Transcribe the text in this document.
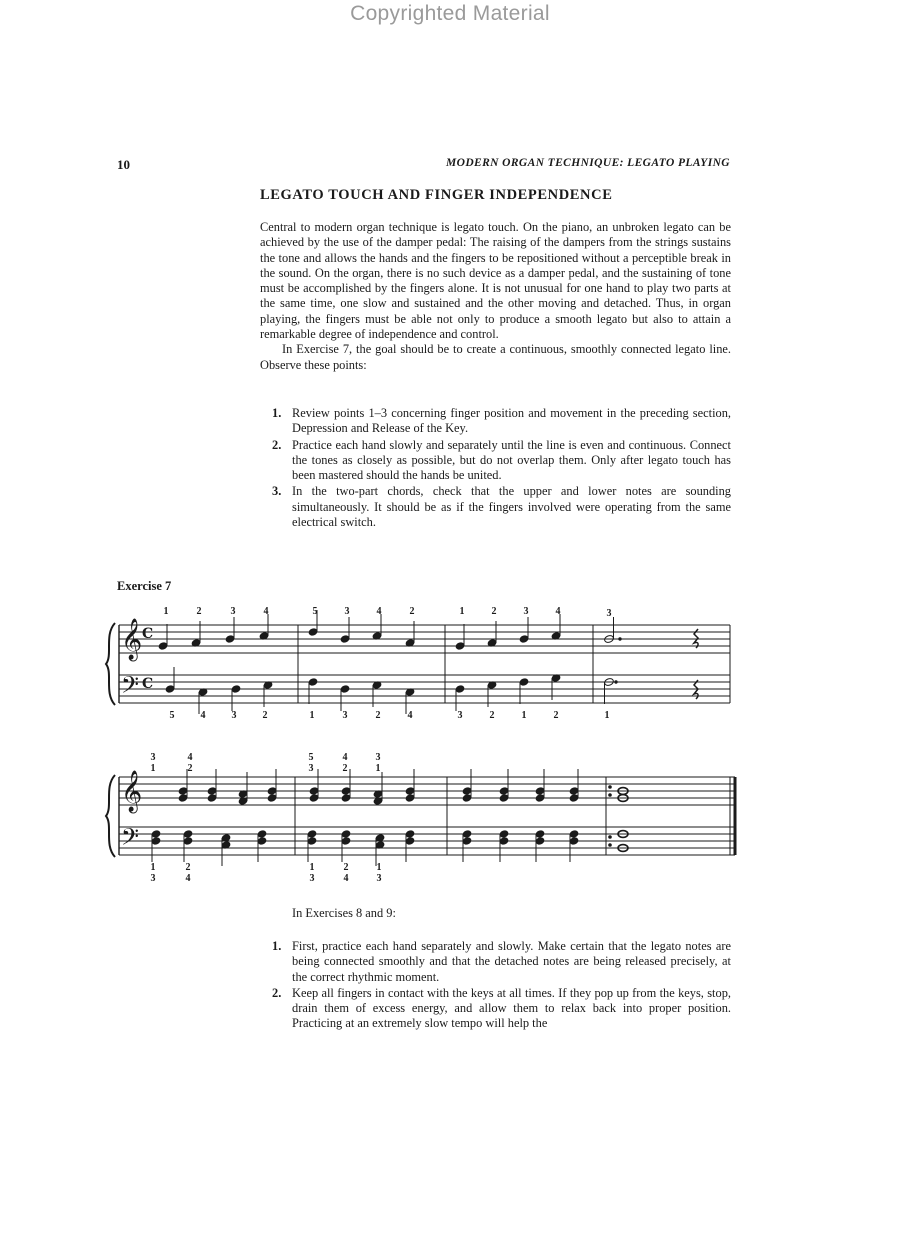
Copyrighted Material
10	MODERN ORGAN TECHNIQUE: LEGATO PLAYING
LEGATO TOUCH AND FINGER INDEPENDENCE

Central to modern organ technique is legato touch. On the piano, an unbroken legato can be achieved by the use of the damper pedal: The raising of the dampers from the strings sustains the tone and allows the hands and the fingers to be repositioned without a perceptible break in the sound. On the organ, there is no such device as a damper pedal, and the sustaining of tone must be accomplished by the fingers alone. It is not unusual for one hand to play two parts at the same time, one slow and sustained and the other moving and detached. Thus, in organ playing, the fingers must be able not only to produce a smooth legato but also to attain a remarkable degree of independence and control.

In Exercise 7, the goal should be to create a continuous, smoothly connected legato line. Observe these points:

1. Review points 1–3 concerning finger position and movement in the preceding section, Depression and Release of the Key.
2. Practice each hand slowly and separately until the line is even and continuous. Connect the tones as closely as possible, but do not overlap them. Only after legato touch has been mastered should the hands be united.
3. In the two-part chords, check that the upper and lower notes are sounding simultaneously. It should be as if the fingers involved were operating from the same electrical switch.
Exercise 7
𝄞
𝄢
C
C
𝄞
𝄢
1	2	3	4	5	3	4	2	1	2	3	4	3
5	4	3	2	1	3	2	4	3	2	1	2	1
3
1
4
2
5
3
4
2
3
1
1
3
2
4
1
3
2
4
1
3
In Exercises 8 and 9:
1. First, practice each hand separately and slowly. Make certain that the legato notes are being connected smoothly and that the detached notes are being released precisely, at the correct rhythmic moment.
2. Keep all fingers in contact with the keys at all times. If they pop up from the keys, stop, drain them of excess energy, and allow them to relax back into proper position. Practicing at an extremely slow tempo will help the
